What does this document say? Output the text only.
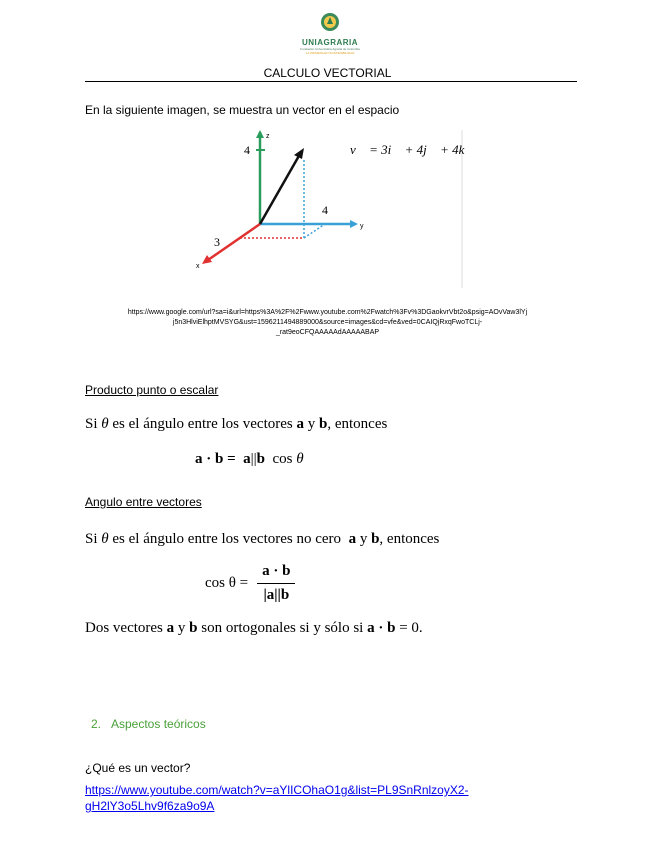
UNIAGRARIA
Fundación Universitaria Agraria de Colombia
LA PRIMERA EN SOSTENIBILIDAD
CALCULO VECTORIAL
En la siguiente imagen, se muestra un vector en el espacio
z
y
x
4
4
3
v⃗ = 3i⃗ + 4j⃗ + 4k⃗
https://www.google.com/url?sa=i&url=https%3A%2F%2Fwww.youtube.com%2Fwatch%3Fv%3DGaokvrVbt2o&psig=AOvVaw3lYj
j5n3HlviElhptMVSYG&ust=1596211494889000&source=images&cd=vfe&ved=0CAIQjRxqFwoTCLj-
_rat9eoCFQAAAAAdAAAAABAP
Producto punto o escalar
Si θ es el ángulo entre los vectores a y b, entonces
a · b =  a||b  cos θ
Angulo entre vectores
Si θ es el ángulo entre los vectores no cero  a y b, entonces
$\cos \theta = \frac{a \cdot b}{|a||b}$
Dos vectores a y b son ortogonales si y sólo si a · b = 0.
2. Aspectos teóricos
¿Qué es un vector?
https://www.youtube.com/watch?v=aYlICOhaO1g&list=PL9SnRnlzoyX2-
gH2lY3o5Lhv9f6za9o9A
